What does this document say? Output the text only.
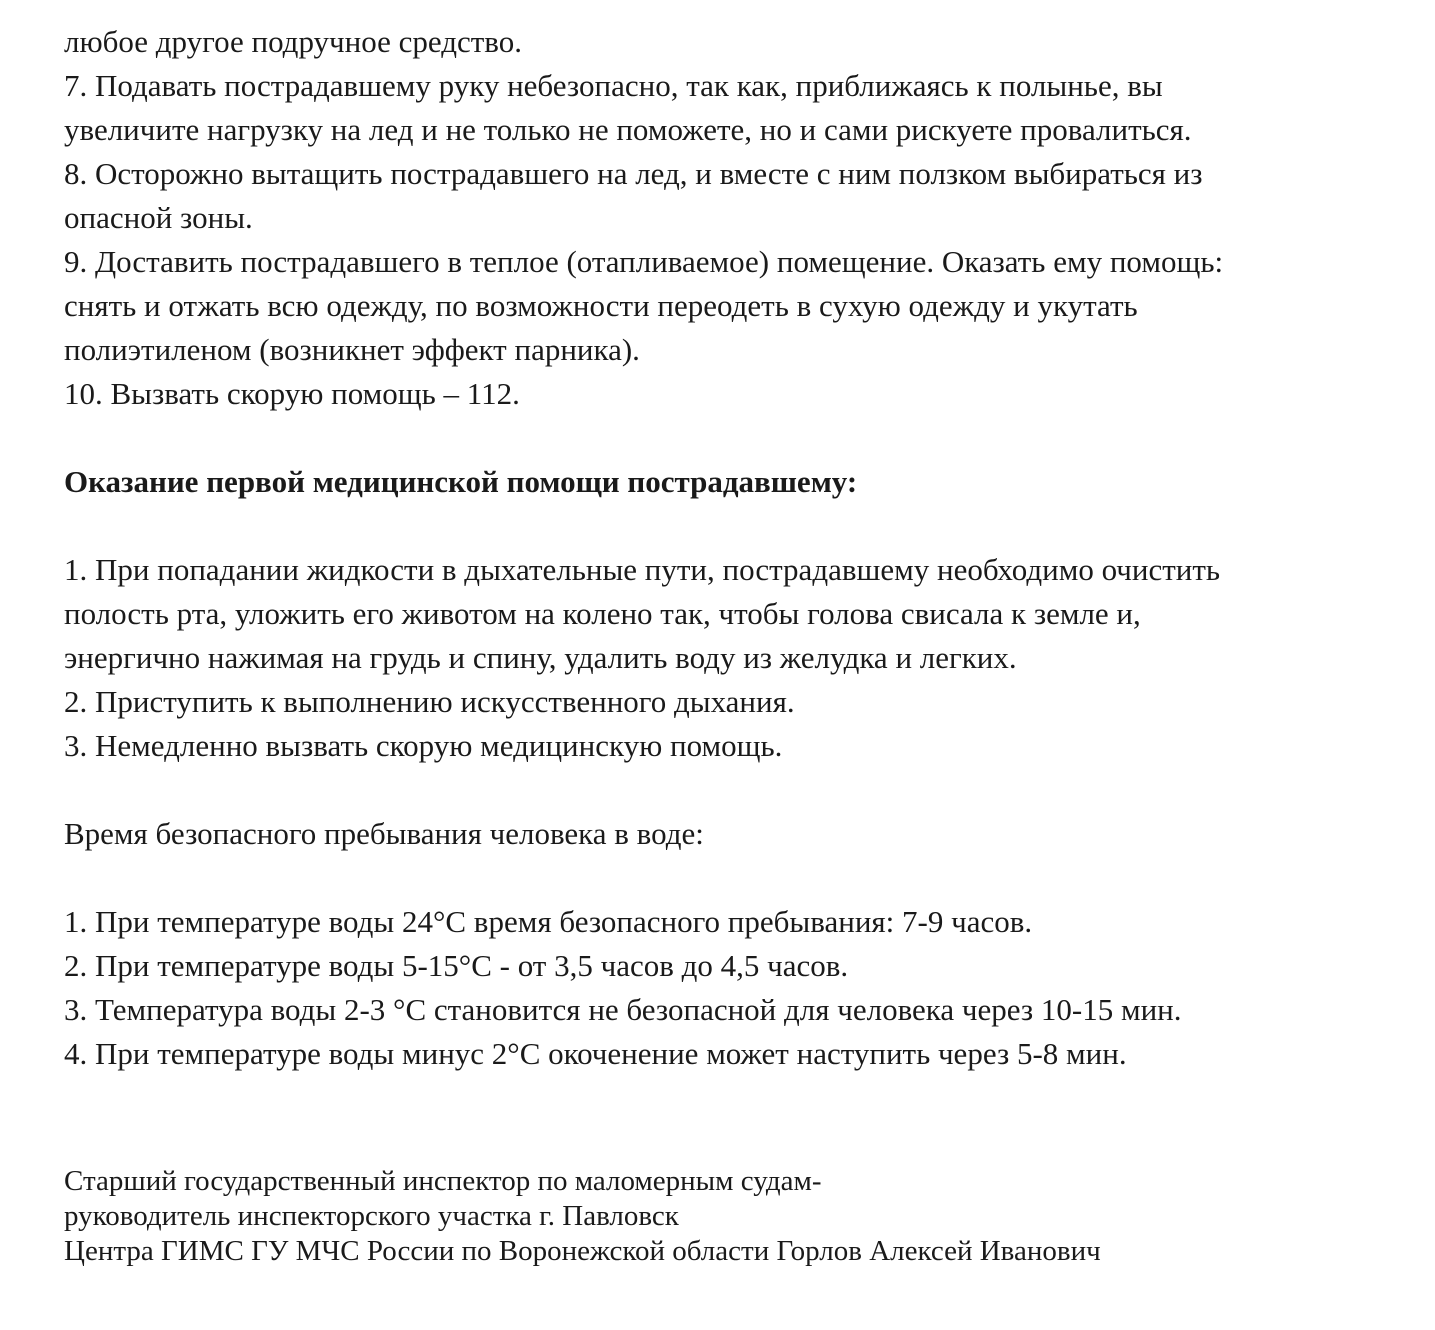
любое другое подручное средство.

7. Подавать пострадавшему руку небезопасно, так как, приближаясь к полынье, вы

увеличите нагрузку на лед и не только не поможете, но и сами рискуете провалиться.

8. Осторожно вытащить пострадавшего на лед, и вместе с ним ползком выбираться из

опасной зоны.

9. Доставить пострадавшего в теплое (отапливаемое) помещение. Оказать ему помощь:

снять и отжать всю одежду, по возможности переодеть в сухую одежду и укутать

полиэтиленом (возникнет эффект парника).

10. Вызвать скорую помощь – 112.

Оказание первой медицинской помощи пострадавшему:

1. При попадании жидкости в дыхательные пути, пострадавшему необходимо очистить

полость рта, уложить его животом на колено так, чтобы голова свисала к земле и,

энергично нажимая на грудь и спину, удалить воду из желудка и легких.

2. Приступить к выполнению искусственного дыхания.

3. Немедленно вызвать скорую медицинскую помощь.

Время безопасного пребывания человека в воде:

1. При температуре воды 24°С время безопасного пребывания: 7-9 часов.

2. При температуре воды 5-15°С - от 3,5 часов до 4,5 часов.

3. Температура воды 2-3 °С становится не безопасной для человека через 10-15 мин.

4. При температуре воды минус 2°С окоченение может наступить через 5-8 мин.

Старший государственный инспектор по маломерным судам-

руководитель инспекторского участка г. Павловск

Центра ГИМС ГУ МЧС России по Воронежской области Горлов Алексей Иванович
